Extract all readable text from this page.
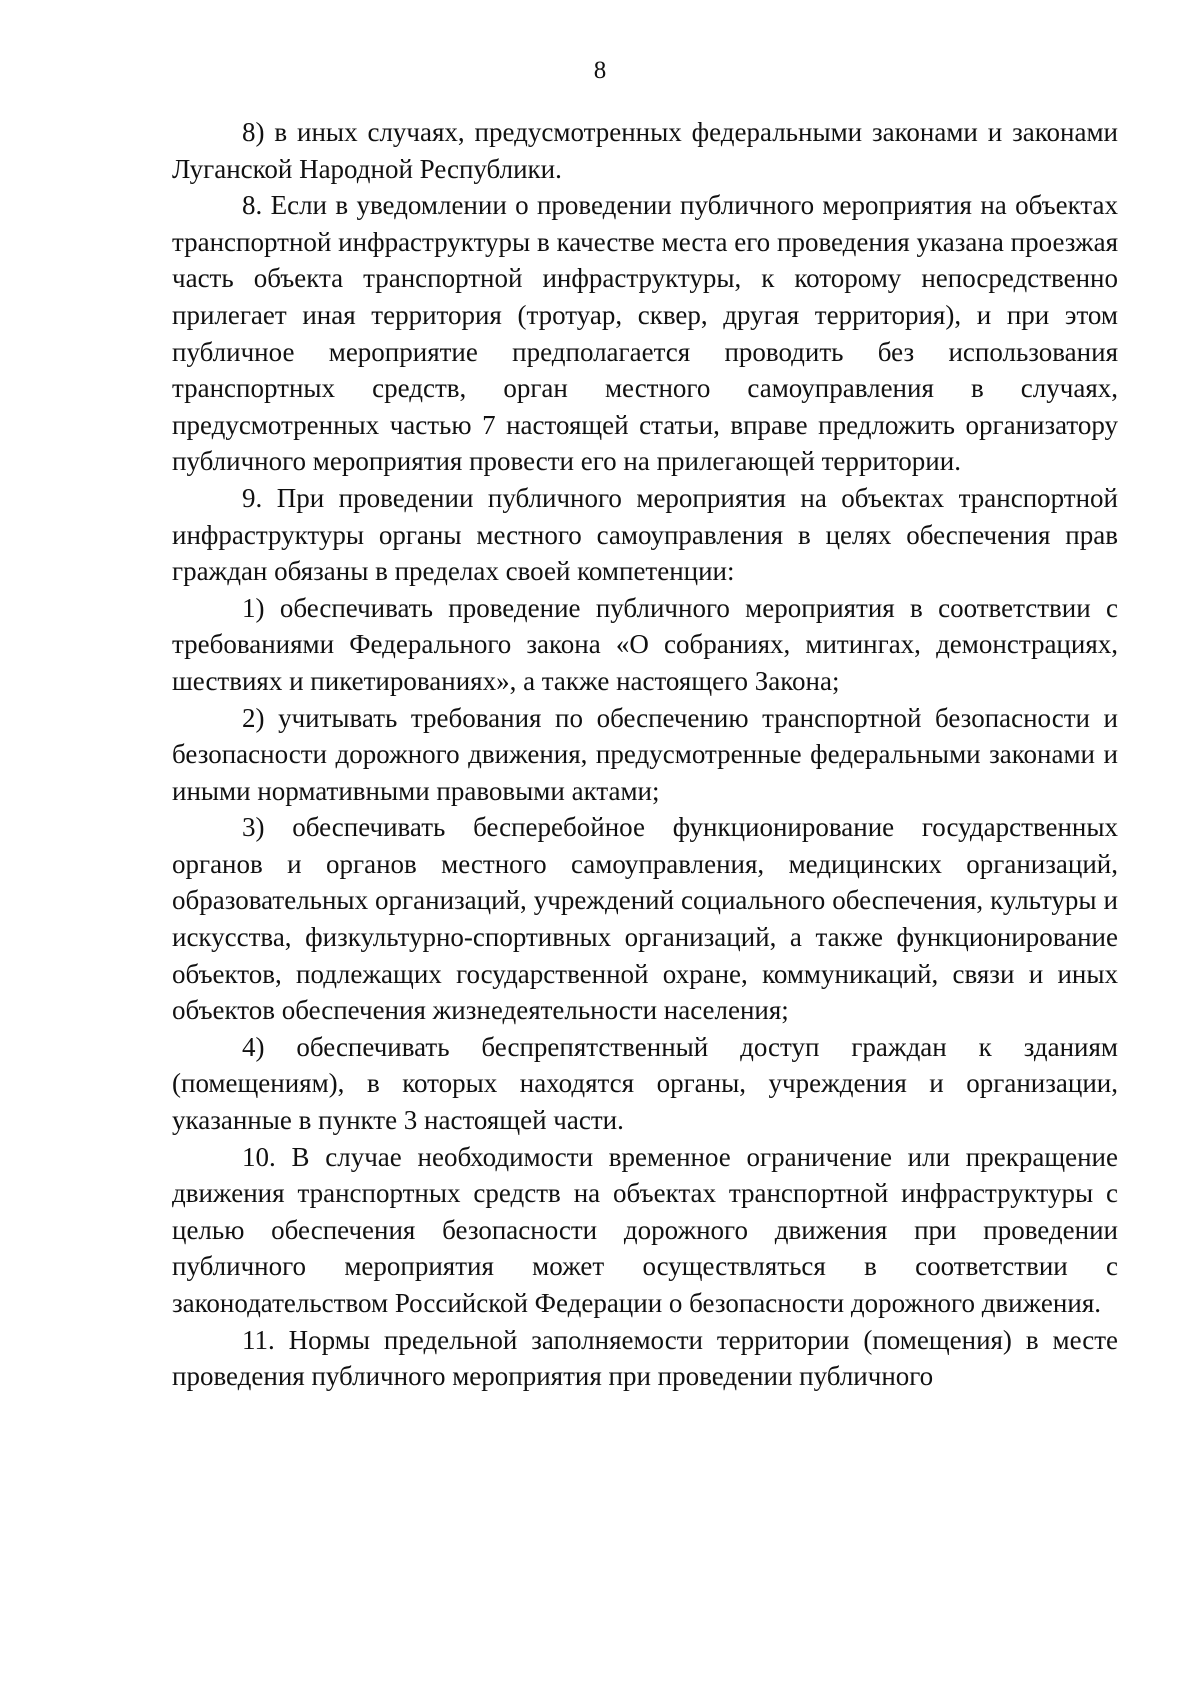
8

8) в иных случаях, предусмотренных федеральными законами и законами Луганской Народной Республики.

8. Если в уведомлении о проведении публичного мероприятия на объектах транспортной инфраструктуры в качестве места его проведения указана проезжая часть объекта транспортной инфраструктуры, к которому непосредственно прилегает иная территория (тротуар, сквер, другая территория), и при этом публичное мероприятие предполагается проводить без использования транспортных средств, орган местного самоуправления в случаях, предусмотренных частью 7 настоящей статьи, вправе предложить организатору публичного мероприятия провести его на прилегающей территории.

9. При проведении публичного мероприятия на объектах транспортной инфраструктуры органы местного самоуправления в целях обеспечения прав граждан обязаны в пределах своей компетенции:

1) обеспечивать проведение публичного мероприятия в соответствии с требованиями Федерального закона «О собраниях, митингах, демонстрациях, шествиях и пикетированиях», а также настоящего Закона;

2) учитывать требования по обеспечению транспортной безопасности и безопасности дорожного движения, предусмотренные федеральными законами и иными нормативными правовыми актами;

3) обеспечивать бесперебойное функционирование государственных органов и органов местного самоуправления, медицинских организаций, образовательных организаций, учреждений социального обеспечения, культуры и искусства, физкультурно-спортивных организаций, а также функционирование объектов, подлежащих государственной охране, коммуникаций, связи и иных объектов обеспечения жизнедеятельности населения;

4) обеспечивать беспрепятственный доступ граждан к зданиям (помещениям), в которых находятся органы, учреждения и организации, указанные в пункте 3 настоящей части.

10. В случае необходимости временное ограничение или прекращение движения транспортных средств на объектах транспортной инфраструктуры с целью обеспечения безопасности дорожного движения при проведении публичного мероприятия может осуществляться в соответствии с законодательством Российской Федерации о безопасности дорожного движения.

11. Нормы предельной заполняемости территории (помещения) в месте проведения публичного мероприятия при проведении публичного
